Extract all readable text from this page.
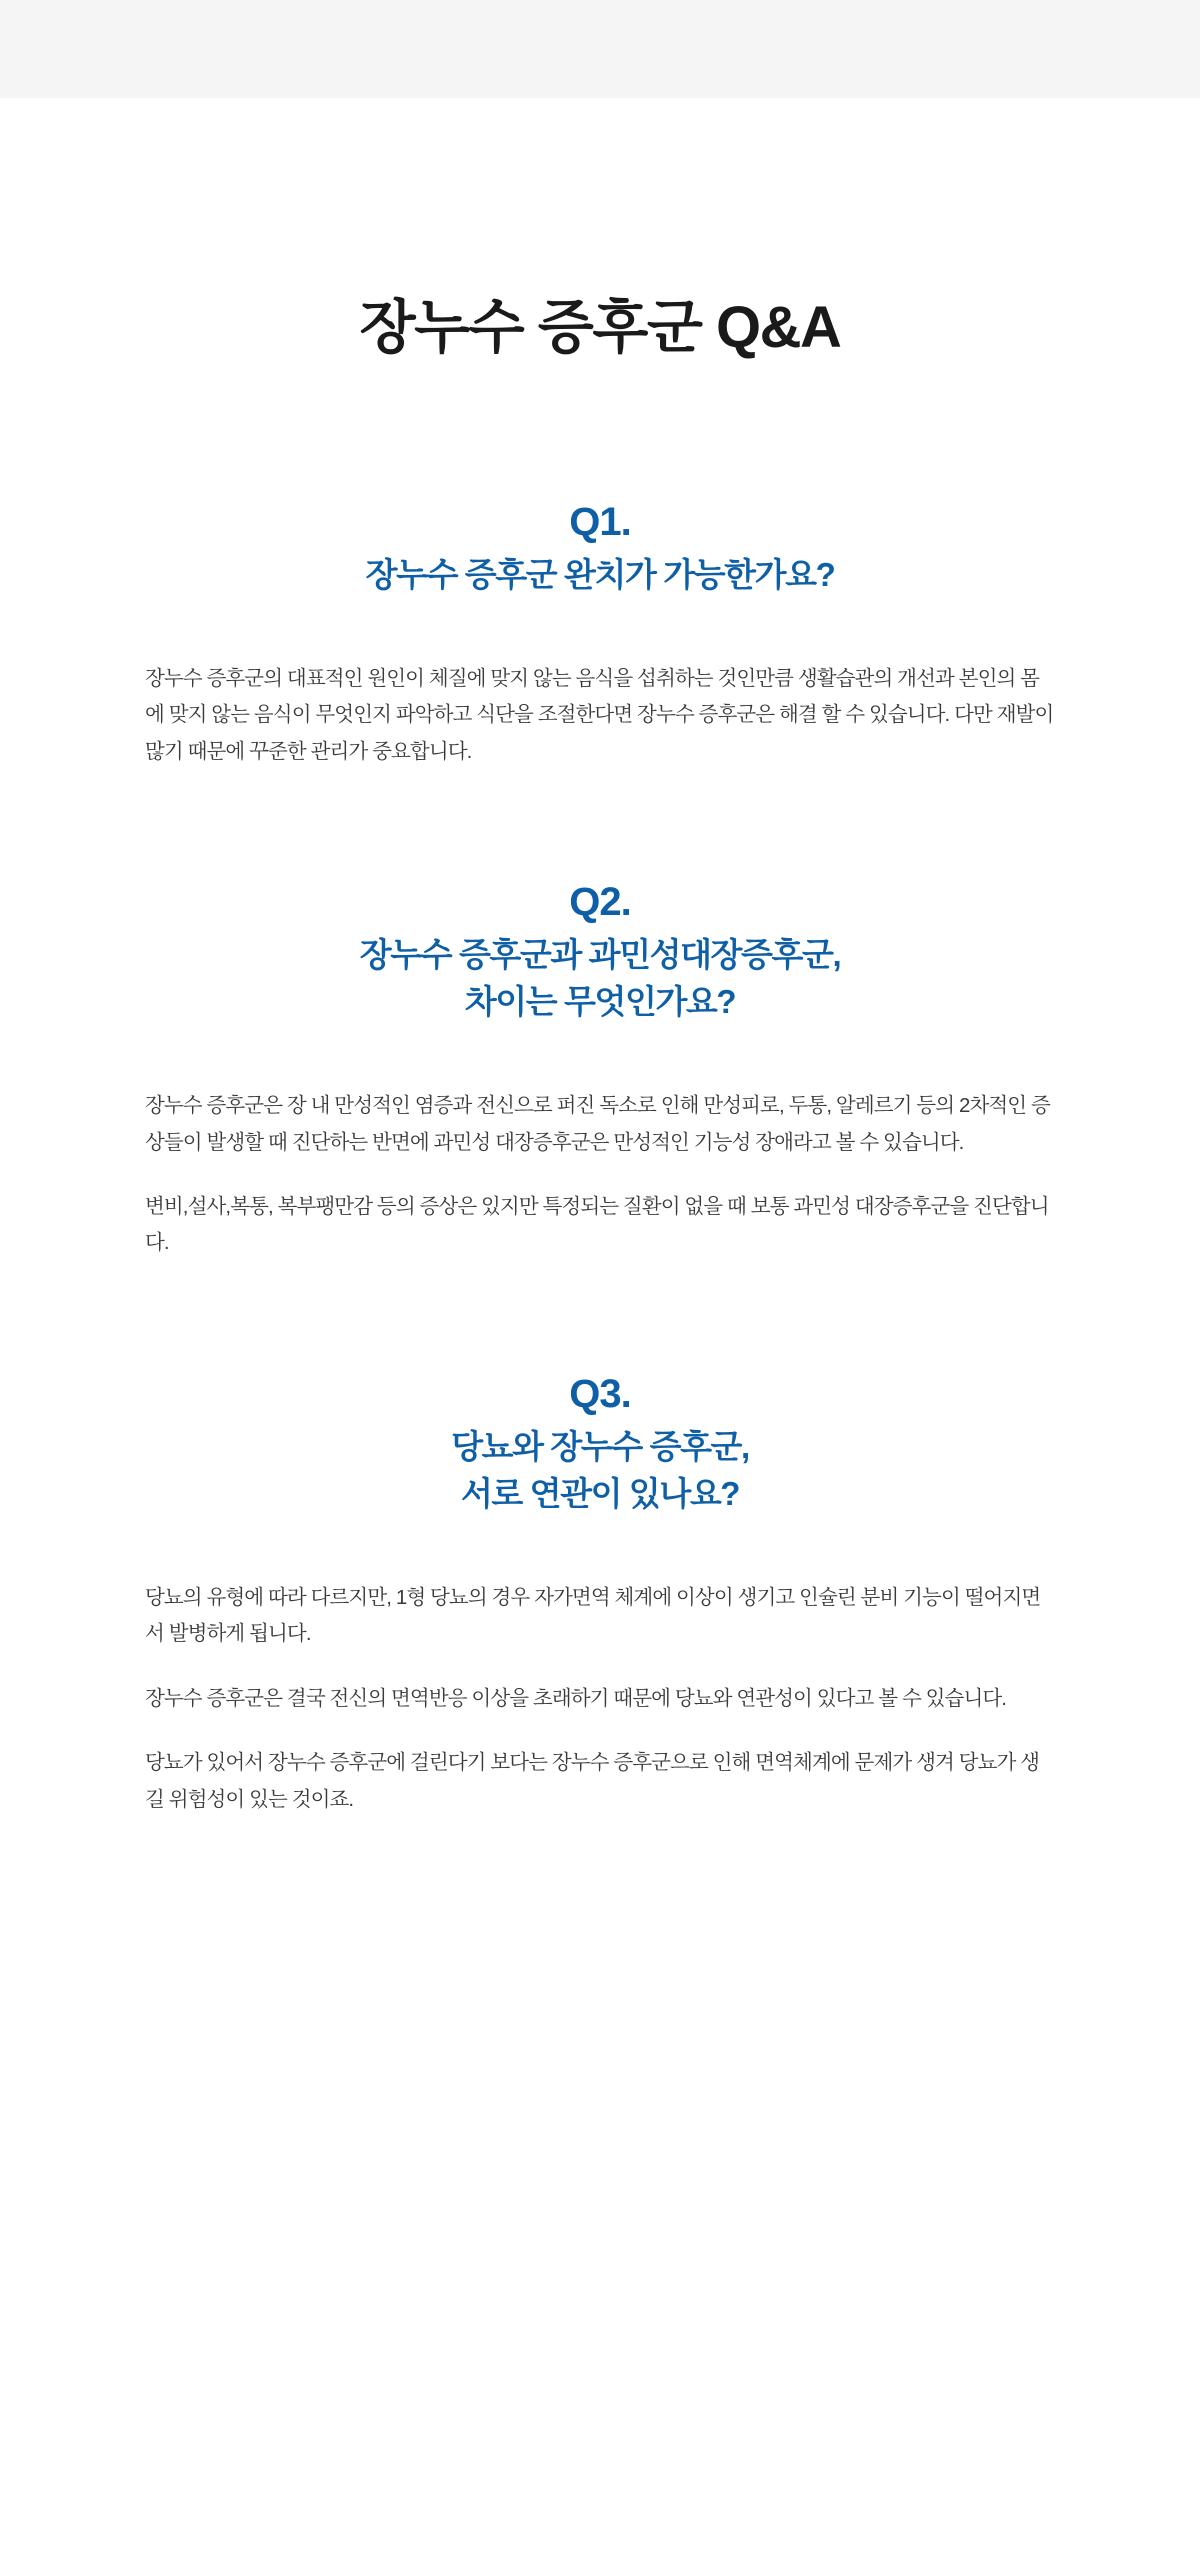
장누수 증후군 Q&A
Q1.
장누수 증후군 완치가 가능한가요?

장누수 증후군의 대표적인 원인이 체질에 맞지 않는 음식을 섭취하는 것인만큼 생활습관의 개선과 본인의 몸에 맞지 않는 음식이 무엇인지 파악하고 식단을 조절한다면 장누수 증후군은 해결 할 수 있습니다. 다만 재발이 많기 때문에 꾸준한 관리가 중요합니다.

Q2.
장누수 증후군과 과민성대장증후군,
차이는 무엇인가요?

장누수 증후군은 장 내 만성적인 염증과 전신으로 퍼진 독소로 인해 만성피로, 두통, 알레르기 등의 2차적인 증상들이 발생할 때 진단하는 반면에 과민성 대장증후군은 만성적인 기능성 장애라고 볼 수 있습니다.

변비,설사,복통, 복부팽만감 등의 증상은 있지만 특정되는 질환이 없을 때 보통 과민성 대장증후군을 진단합니다.

Q3.
당뇨와 장누수 증후군,
서로 연관이 있나요?

당뇨의 유형에 따라 다르지만, 1형 당뇨의 경우 자가면역 체계에 이상이 생기고 인슐린 분비 기능이 떨어지면서 발병하게 됩니다.

장누수 증후군은 결국 전신의 면역반응 이상을 초래하기 때문에 당뇨와 연관성이 있다고 볼 수 있습니다.

당뇨가 있어서 장누수 증후군에 걸린다기 보다는 장누수 증후군으로 인해 면역체계에 문제가 생겨 당뇨가 생길 위험성이 있는 것이죠.
